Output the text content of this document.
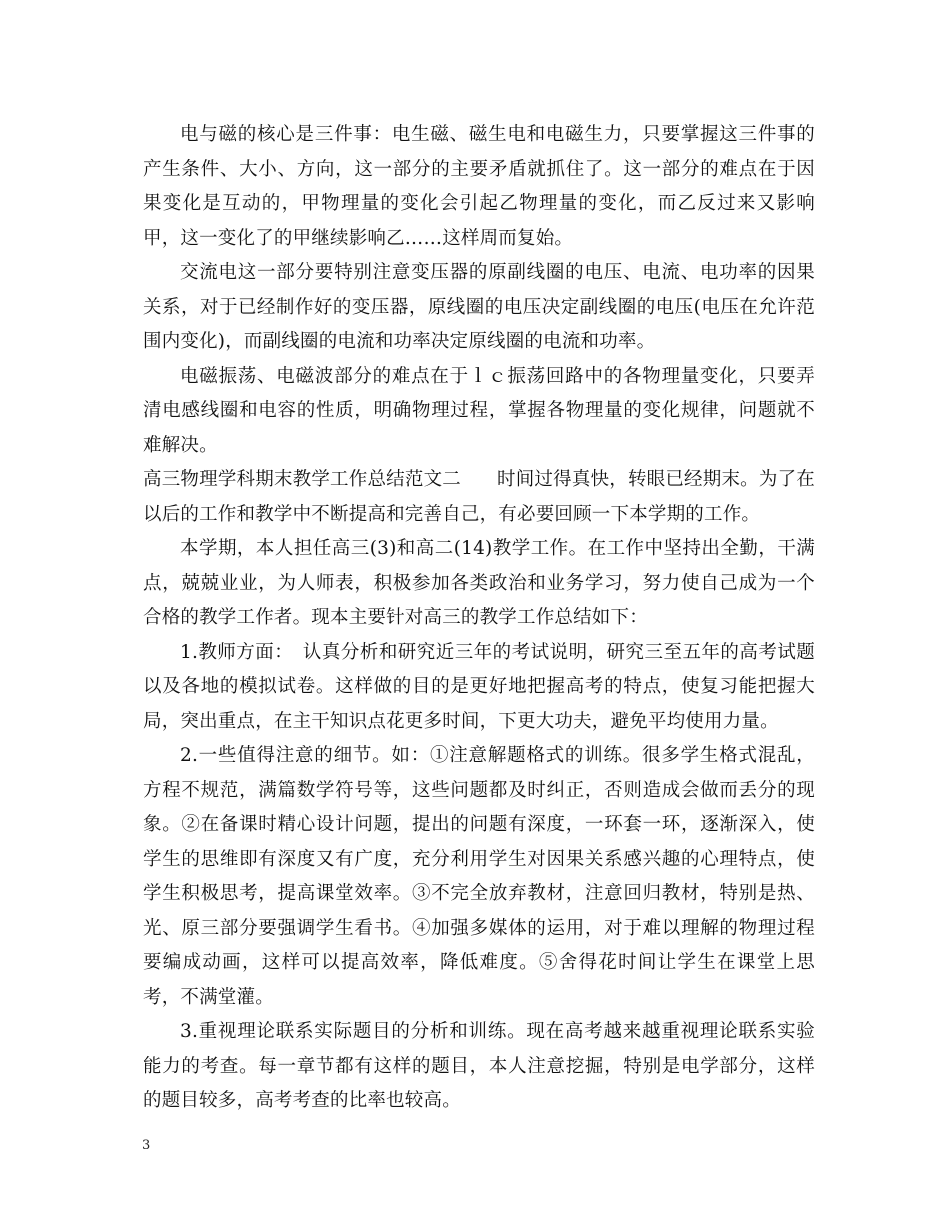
电与磁的核心是三件事：电生磁、磁生电和电磁生力，只要掌握这三件事的产生条件、大小、方向，这一部分的主要矛盾就抓住了。这一部分的难点在于因果变化是互动的，甲物理量的变化会引起乙物理量的变化，而乙反过来又影响甲，这一变化了的甲继续影响乙……这样周而复始。

交流电这一部分要特别注意变压器的原副线圈的电压、电流、电功率的因果关系，对于已经制作好的变压器，原线圈的电压决定副线圈的电压(电压在允许范围内变化)，而副线圈的电流和功率决定原线圈的电流和功率。

电磁振荡、电磁波部分的难点在于ｌｃ振荡回路中的各物理量变化，只要弄清电感线圈和电容的性质，明确物理过程，掌握各物理量的变化规律，问题就不难解决。

高三物理学科期末教学工作总结范文二 时间过得真快，转眼已经期末。为了在以后的工作和教学中不断提高和完善自己，有必要回顾一下本学期的工作。

本学期，本人担任高三(3)和高二(14)教学工作。在工作中坚持出全勤，干满点，兢兢业业，为人师表，积极参加各类政治和业务学习，努力使自己成为一个合格的教学工作者。现本主要针对高三的教学工作总结如下：

1.教师方面：　认真分析和研究近三年的考试说明，研究三至五年的高考试题以及各地的模拟试卷。这样做的目的是更好地把握高考的特点，使复习能把握大局，突出重点，在主干知识点花更多时间，下更大功夫，避免平均使用力量。

2.一些值得注意的细节。如：①注意解题格式的训练。很多学生格式混乱，方程不规范，满篇数学符号等，这些问题都及时纠正，否则造成会做而丢分的现象。②在备课时精心设计问题，提出的问题有深度，一环套一环，逐渐深入，使学生的思维即有深度又有广度，充分利用学生对因果关系感兴趣的心理特点，使学生积极思考，提高课堂效率。③不完全放弃教材，注意回归教材，特别是热、光、原三部分要强调学生看书。④加强多媒体的运用，对于难以理解的物理过程要编成动画，这样可以提高效率，降低难度。⑤舍得花时间让学生在课堂上思考，不满堂灌。

3.重视理论联系实际题目的分析和训练。现在高考越来越重视理论联系实验能力的考查。每一章节都有这样的题目，本人注意挖掘，特别是电学部分，这样的题目较多，高考考查的比率也较高。

3
